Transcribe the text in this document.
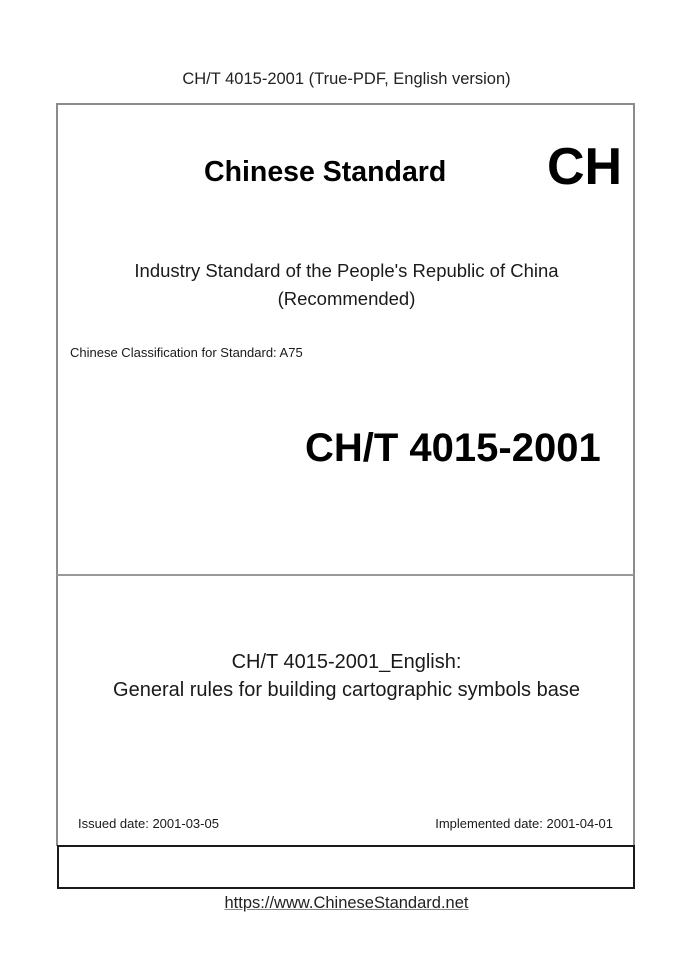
CH/T 4015-2001 (True-PDF, English version)
Chinese Standard CH
Industry Standard of the People's Republic of China
(Recommended)
Chinese Classification for Standard: A75
CH/T 4015-2001
CH/T 4015-2001_English:
General rules for building cartographic symbols base
Issued date: 2001-03-05	Implemented date: 2001-04-01
https://www.ChineseStandard.net
